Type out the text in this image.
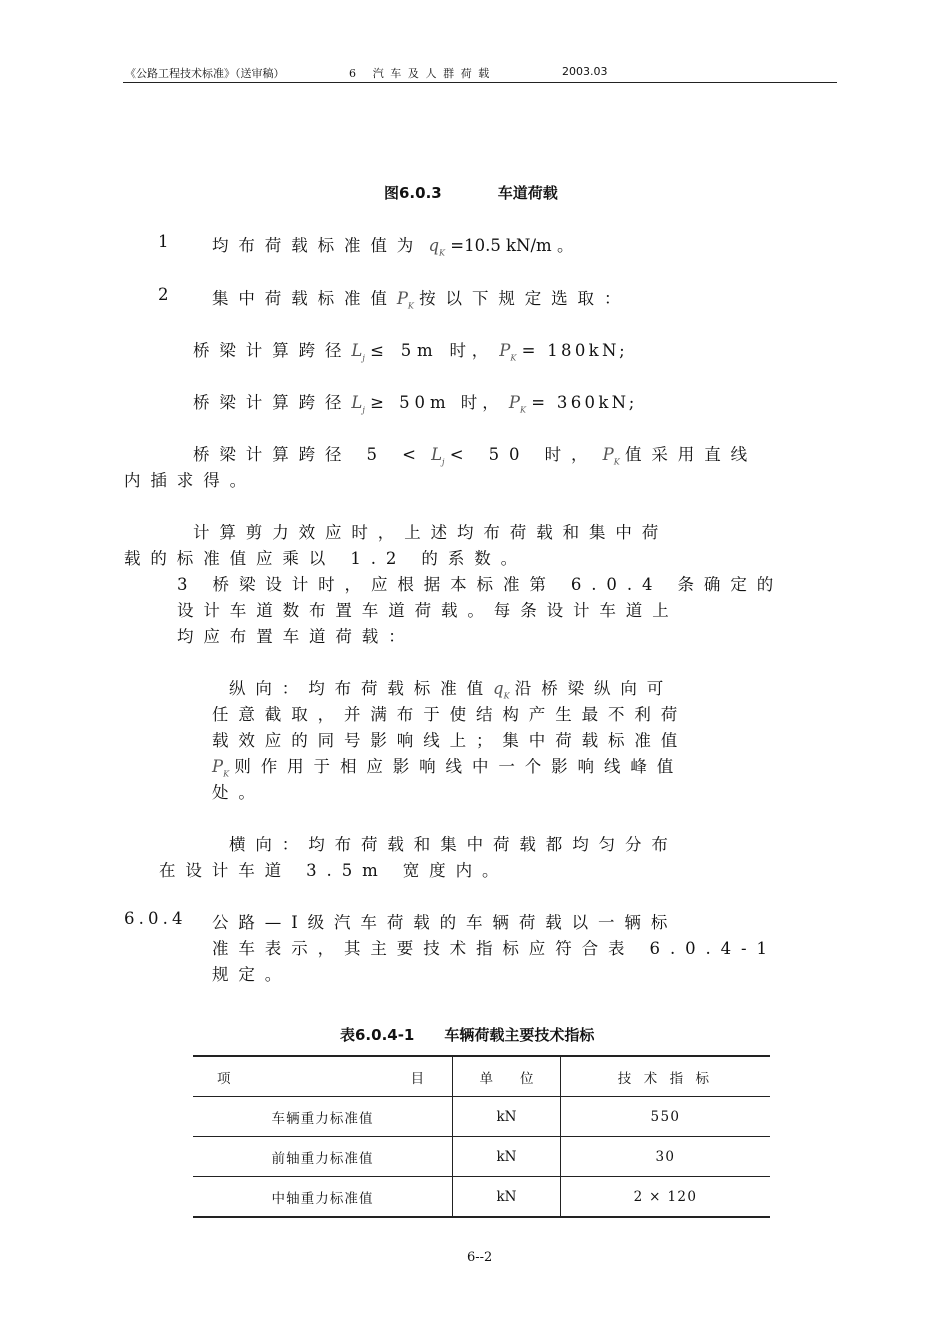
《公路工程技术标准》（送审稿）	6 汽车及人群荷载	2003.03
图6.0.3	车道荷载
1	均布荷载标准值为 $q_K =10.5$ kN/m 。
2	集中荷载标准值$P_K$ 按以下规定选取：
桥梁计算跨径$L_j \le 5m$ 时， $P_K = 180kN$;
桥梁计算跨径$L_j \ge 50m$ 时， $P_K = 360kN$;
桥梁计算跨径 $5 < L_j < 50$ 时， $P_K$ 值采用直线
内插求得。
计算剪力效应时，上述均布荷载和集中荷
载的标准值应乘以 1.2 的系数。
3 桥梁设计时，应根据本标准第 6.0.4 条确定的
设计车道数布置车道荷载。每条设计车道上
均应布置车道荷载：
纵向：均布荷载标准值$q_K$ 沿桥梁纵向可
任意截取，并满布于使结构产生最不利荷
载效应的同号影响线上；集中荷载标准值
$P_K$ 则作用于相应影响线中一个影响线峰值
处。
横向：均布荷载和集中荷载都均匀分布
在设计车道 3.5m 宽度内。
6.0.4 公路—Ⅰ级汽车荷载的车辆荷载以一辆标
准车表示，其主要技术指标应符合表 6.0.4-1
规定。
表6.0.4-1 车辆荷载主要技术指标
项 目	单　　位	技 术 指 标
车辆重力标准值	kN	550
前轴重力标准值	kN	30
中轴重力标准值	kN	2 × 120
6--2
